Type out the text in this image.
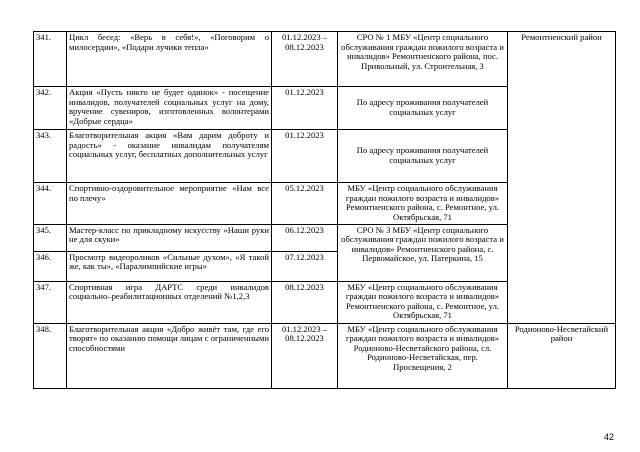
341.	Цикл бесед: «Верь в себя!», «Поговорим о милосердии», «Подари лучики тепла»	01.12.2023 –
08.12.2023	СРО № 1 МБУ «Центр социального обслуживания граждан пожилого возраста и инвалидов» Ремонтненского района, пос. Привольный, ул. Строительная, 3	Ремонтненский район
342.	Акция «Пусть никто не будет одинок» - посещение инвалидов, получателей социальных услуг на дому, вручение сувениров, изготовленных волонтерами «Добрые сердца»	01.12.2023	По адресу проживания получателей социальных услуг	
343.	Благотворительная акция «Вам дарим доброту и радость» - оказание инвалидам получателям социальных услуг, бесплатных дополнительных услуг	01.12.2023	По адресу проживания получателей социальных услуг	
344.	Спортивно-оздоровительное мероприятие «Нам все по плечу»	05.12.2023	МБУ «Центр социального обслуживания граждан пожилого возраста и инвалидов» Ремонтненского района, с. Ремонтное, ул. Октябрьская, 71	
345.	Мастер-класс по прикладному искусству «Наши руки не для скуки»	06.12.2023	СРО № 3 МБУ «Центр социального обслуживания граждан пожилого возраста и инвалидов» Ремонтненского района, с. Первомайское, ул. Патеркина, 15	
346.	Просмотр видеороликов «Сильные духом», «Я такой же, как ты», «Паралимпийские игры»	07.12.2023		
347.	Спортивная игра ДАРТС среди инвалидов социально–реабилитационных отделений №1,2,3	08.12.2023	МБУ «Центр социального обслуживания граждан пожилого возраста и инвалидов» Ремонтненского района, с. Ремонтное, ул. Октябрьская, 71	
348.	Благотворительная акция «Добро живёт там, где его творят» по оказанию помощи лицам с ограниченными способностями	01.12.2023 –
08.12.2023	МБУ «Центр социального обслуживания граждан пожилого возраста и инвалидов» Родионово-Несветайского района, сл. Родионово-Несветайская, пер. Просвещения, 2	Родионово-Несветайский район
42
